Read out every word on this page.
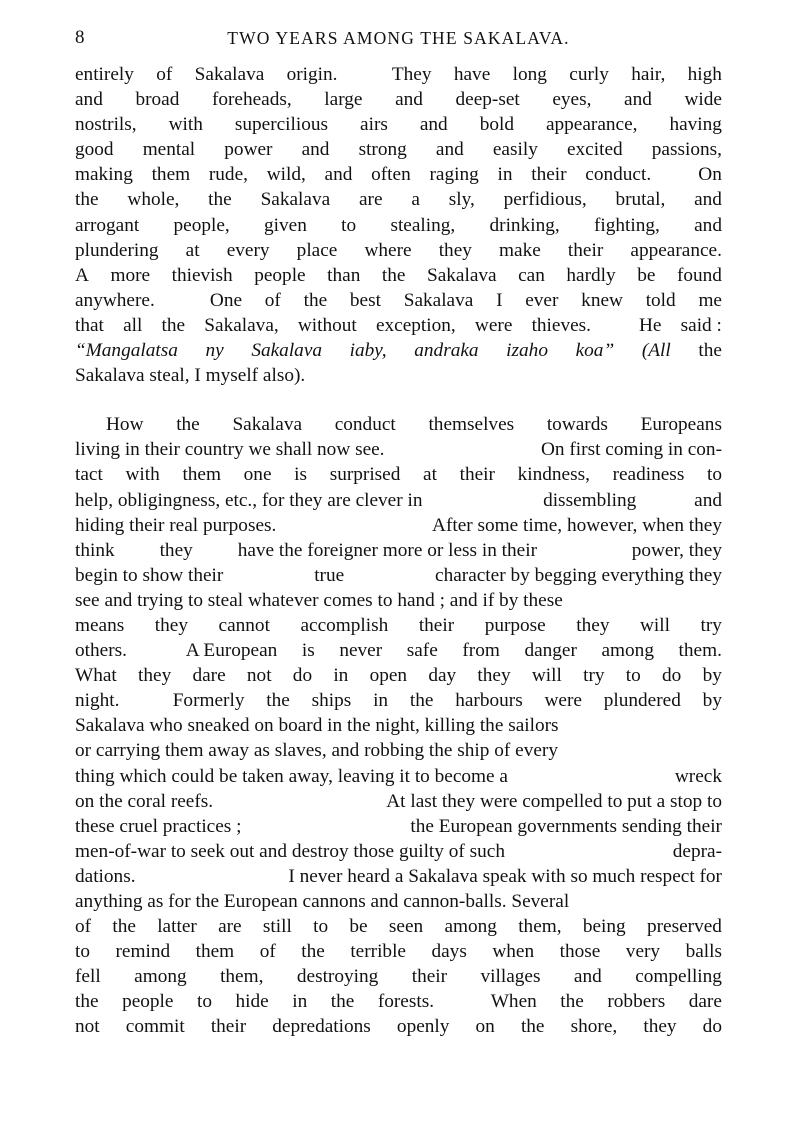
8	TWO YEARS AMONG THE SAKALAVA.

entirely of Sakalava origin.
	They have long curly hair, high
and broad foreheads, large and deep-set eyes, and wide
nostrils, with supercilious airs and bold appearance, having
good mental power and strong and easily excited passions,
making them rude, wild, and often raging in their conduct.
On
the whole, the Sakalava are a sly, perfidious, brutal, and
arrogant people, given to stealing, drinking, fighting, and
plundering at every place where they make their appearance.
A more thievish people than the Sakalava can hardly be found
anywhere.
	One of the best Sakalava I ever knew told me
that all the Sakalava, without exception, were thieves.
He said :
“Mangalatsa ny Sakalava iaby, andraka izaho koa” (All the
Sakalava steal, I myself also).

How the Sakalava conduct themselves towards Europeans
living in their country we shall now see.
	On first coming in con-
tact with them one is surprised at their kindness, readiness to
help, obligingness, etc., for they are clever in
	dissembling	and
hiding their real purposes.
	After some time, however, when they
think they have the foreigner more or less in their
	power, they
begin to show their	true	character by begging everything they
see and trying to steal whatever comes to hand ; and if by these
means they cannot accomplish their purpose they will try
others.
	A European is never safe from danger among them.
What they dare not do in open day they will try to do by
night.
	Formerly the ships in the harbours were plundered by
Sakalava who sneaked on board in the night, killing the sailors
or carrying them away as slaves, and robbing the ship of every
thing which could be taken away, leaving it to become a
	wreck
on the coral reefs.
	At last they were compelled to put a stop to
these cruel practices ;
	the European governments sending their
men-of-war to seek out and destroy those guilty of such
	depra-
dations.
	I never heard a Sakalava speak with so much respect for
anything as for the European cannons and cannon-balls. Several
of the latter are still to be seen among them, being preserved
to remind them of the terrible days when those very balls
fell among them, destroying their villages and compelling
the people to hide in the forests.
	When the robbers dare
not commit their depredations openly on the shore, they do
